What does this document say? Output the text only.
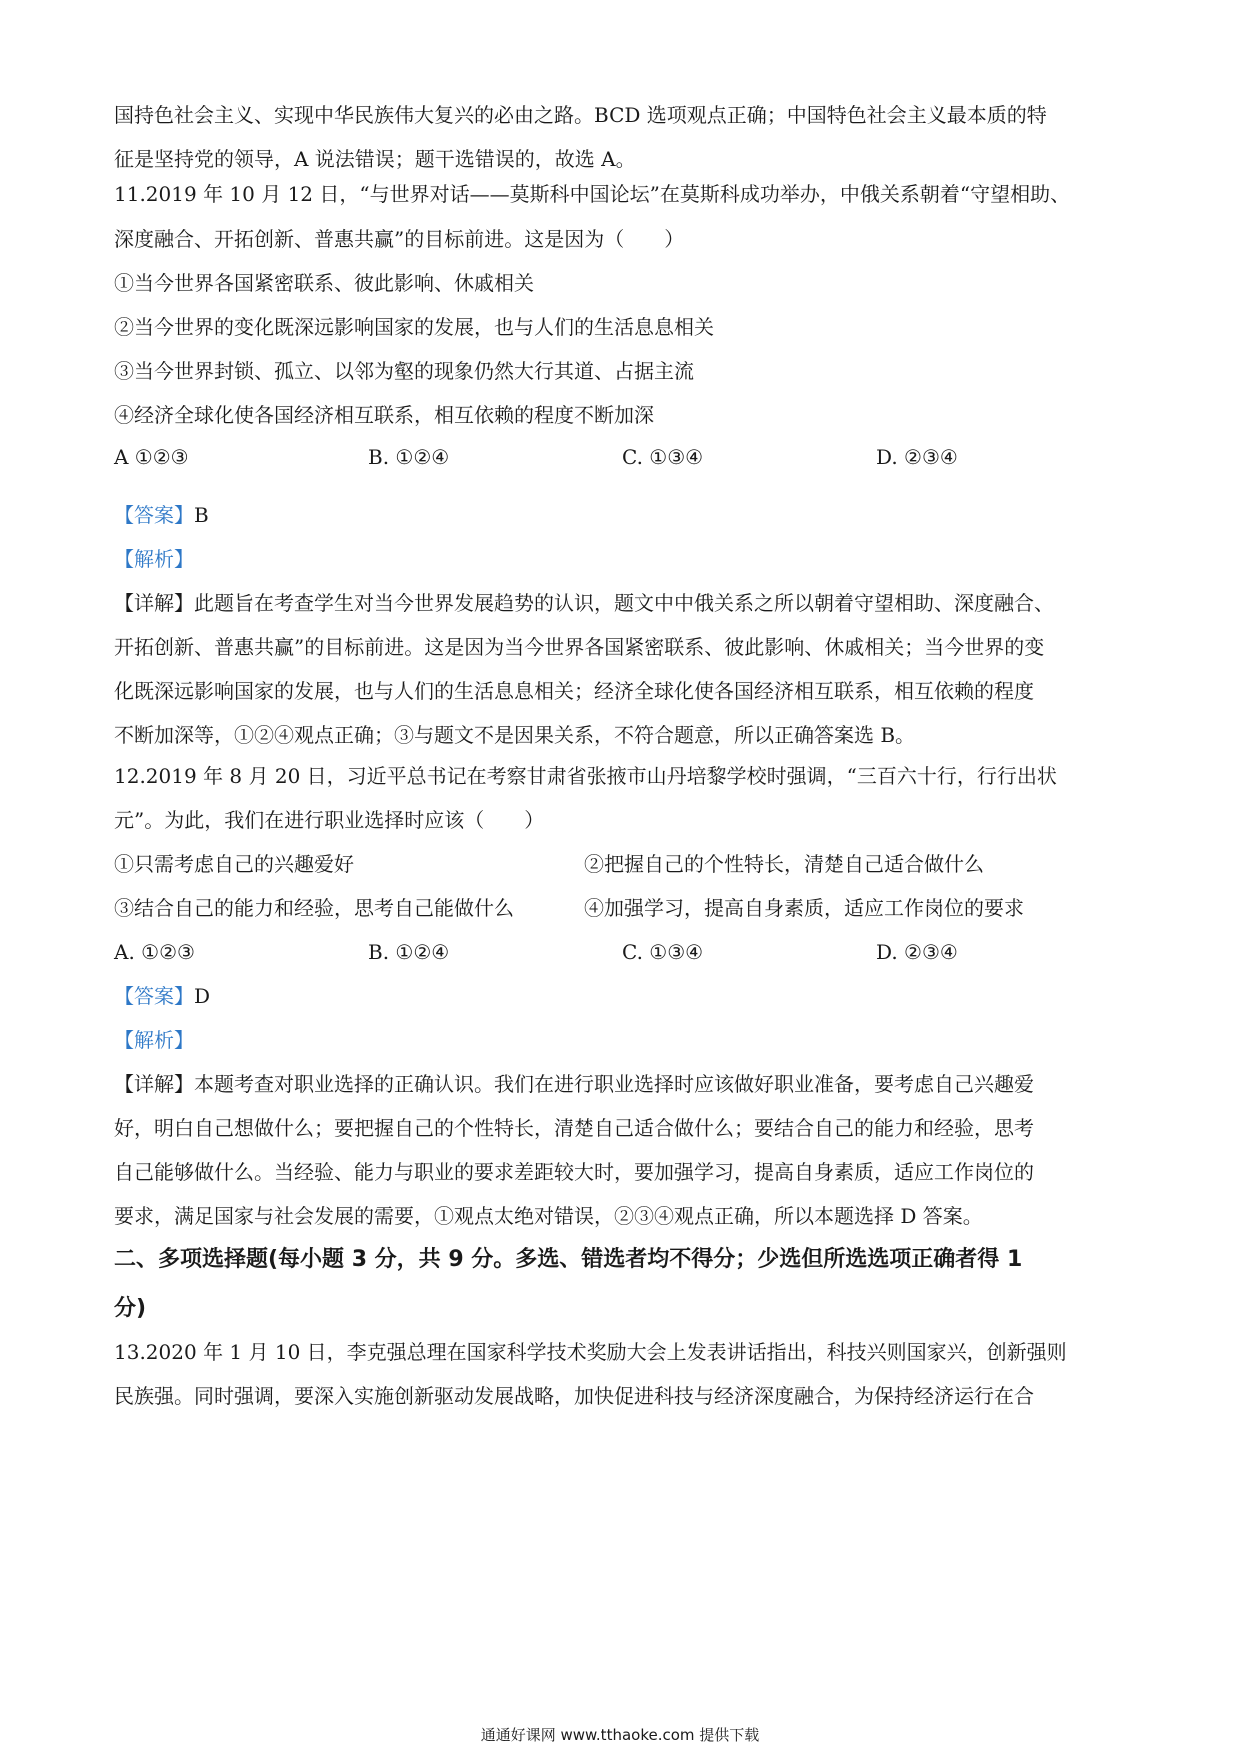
国持色社会主义、实现中华民族伟大复兴的必由之路。BCD 选项观点正确；中国特色社会主义最本质的特
征是坚持党的领导，A 说法错误；题干选错误的，故选 A。
11.2019 年 10 月 12 日，“与世界对话——莫斯科中国论坛”在莫斯科成功举办，中俄关系朝着“守望相助、
深度融合、开拓创新、普惠共赢”的目标前进。这是因为（　　）
①当今世界各国紧密联系、彼此影响、休戚相关
②当今世界的变化既深远影响国家的发展，也与人们的生活息息相关
③当今世界封锁、孤立、以邻为壑的现象仍然大行其道、占据主流
④经济全球化使各国经济相互联系，相互依赖的程度不断加深
A ①②③	B. ①②④	C. ①③④	D. ②③④
【答案】B
【解析】
【详解】此题旨在考查学生对当今世界发展趋势的认识，题文中中俄关系之所以朝着守望相助、深度融合、
开拓创新、普惠共赢”的目标前进。这是因为当今世界各国紧密联系、彼此影响、休戚相关；当今世界的变
化既深远影响国家的发展，也与人们的生活息息相关；经济全球化使各国经济相互联系，相互依赖的程度
不断加深等，①②④观点正确；③与题文不是因果关系，不符合题意，所以正确答案选 B。
12.2019 年 8 月 20 日，习近平总书记在考察甘肃省张掖市山丹培黎学校时强调，“三百六十行，行行出状
元”。为此，我们在进行职业选择时应该（　　）
①只需考虑自己的兴趣爱好	②把握自己的个性特长，清楚自己适合做什么
③结合自己的能力和经验，思考自己能做什么	④加强学习，提高自身素质，适应工作岗位的要求
A. ①②③	B. ①②④	C. ①③④	D. ②③④
【答案】D
【解析】
【详解】本题考查对职业选择的正确认识。我们在进行职业选择时应该做好职业准备，要考虑自己兴趣爱
好，明白自己想做什么；要把握自己的个性特长，清楚自己适合做什么；要结合自己的能力和经验，思考
自己能够做什么。当经验、能力与职业的要求差距较大时，要加强学习，提高自身素质，适应工作岗位的
要求，满足国家与社会发展的需要，①观点太绝对错误，②③④观点正确，所以本题选择 D 答案。
二、多项选择题(每小题 3 分，共 9 分。多选、错选者均不得分；少选但所选选项正确者得 1
分)
13.2020 年 1 月 10 日，李克强总理在国家科学技术奖励大会上发表讲话指出，科技兴则国家兴，创新强则
民族强。同时强调，要深入实施创新驱动发展战略，加快促进科技与经济深度融合，为保持经济运行在合
通通好课网 www.tthaoke.com 提供下载
